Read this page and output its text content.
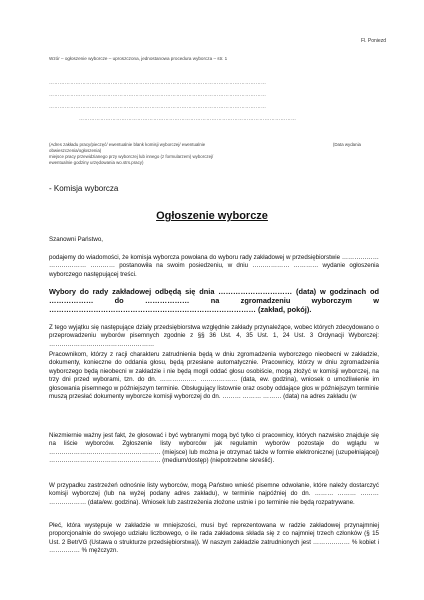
Fl. Poniezd
Wzór – ogłoszenie wyborcze – uproszczona, jednostanowa procedura wyborcza – str. 1
……………………………………………………………………………………………………………
……………………………………………………………………………………………………………
……………………………………………………………………………………………………………
……………………………………………………………………………………………………………
(Adres zakładu pracy/pieczęć/ ewentualnie blank komisji wyborczej/ ewentualnie	(Data wydania
obwieszczenia/ogłoszenia)
miejsce pracy przewidzianego przy wyborczej lub innego (z formularzem) wyborczej/
ewentualnie godziny urzędowania wo.strs.pracy)
- Komisja wyborcza
Ogłoszenie wyborcze
Szanowni Państwo,
podajemy do wiadomości, że komisja wyborcza powołana do wyboru rady zakładowej w przedsiębiorstwie ……………… ……………… ………… postanowiła na swoim posiedzeniu, w dniu ……………… ………… wydanie ogłoszenia wyborczego następującej treści.
Wybory do rady zakładowej odbędą się dnia ………………………… (data) w godzinach od ……………… do ……………… na zgromadzeniu wyborczym w ………………………………………………………………………… (zakład, pokój).
Z tego wyjątku się następujące działy przedsiębiorstwa względnie zakłady przynależące, wobec których zdecydowano o przeprowadzeniu wyborów pisemnych zgodnie z §§ 36 Ust. 4, 35 Ust. 1, 24 Ust. 3 Ordynacji Wyborczej: ……………………………………………
Pracownikom, którzy z racji charakteru zatrudnienia będą w dniu zgromadzenia wyborczego nieobecni w zakładzie, dokumenty, konieczne do oddania głosu, będą przesłane automatycznie. Pracownicy, którzy w dniu zgromadzenia wyborczego będą nieobecni w zakładzie i nie będą mogli oddać głosu osobiście, mogą złożyć w komisji wyborczej, na trzy dni przed wyborami, tzn. do dn. ……………… ……………… (data, ew. godzina), wniosek o umożliwienie im głosowania pisemnego w późniejszym terminie. Obsługujący listownie oraz osoby oddające głos w późniejszym terminie muszą przesłać dokumenty wyborcze komisji wyborczej do dn. ……… ……… ……… (data) na adres zakładu (w
Niezmiernie ważny jest fakt, że głosować i być wybranymi mogą być tylko ci pracownicy, których nazwisko znajduje się na liście wyborców. Zgłoszenie listy wyborców jak regulamin wyborów pozostaje do wglądu w ……………………………………………… (miejsce) lub można je otrzymać także w formie elektronicznej (uzupełniającej) ……………………………………………… (medium/dostęp) (niepotrzebne skreślić).
W przypadku zastrzeżeń odnośnie listy wyborców, mogą Państwo wnieść pisemne odwołanie, które należy dostarczyć komisji wyborczej (lub na wyżej podany adres zakładu), w terminie najpóźniej do dn. ……… ……… ……… ……………… (data/ew. godzina). Wniosek lub zastrzeżenia złożone ustnie i po terminie nie będą rozpatrywane.
Płeć, która występuje w zakładzie w mniejszości, musi być reprezentowana w radzie zakładowej przynajmniej proporcjonalnie do swojego udziału liczbowego, o ile rada zakładowa składa się z co najmniej trzech członków (§ 15 Ust. 2 BetrVG (Ustawa o strukturze przedsiębiorstwa)). W naszym zakładzie zatrudnionych jest ……………… % kobiet i …………… % mężczyzn.
